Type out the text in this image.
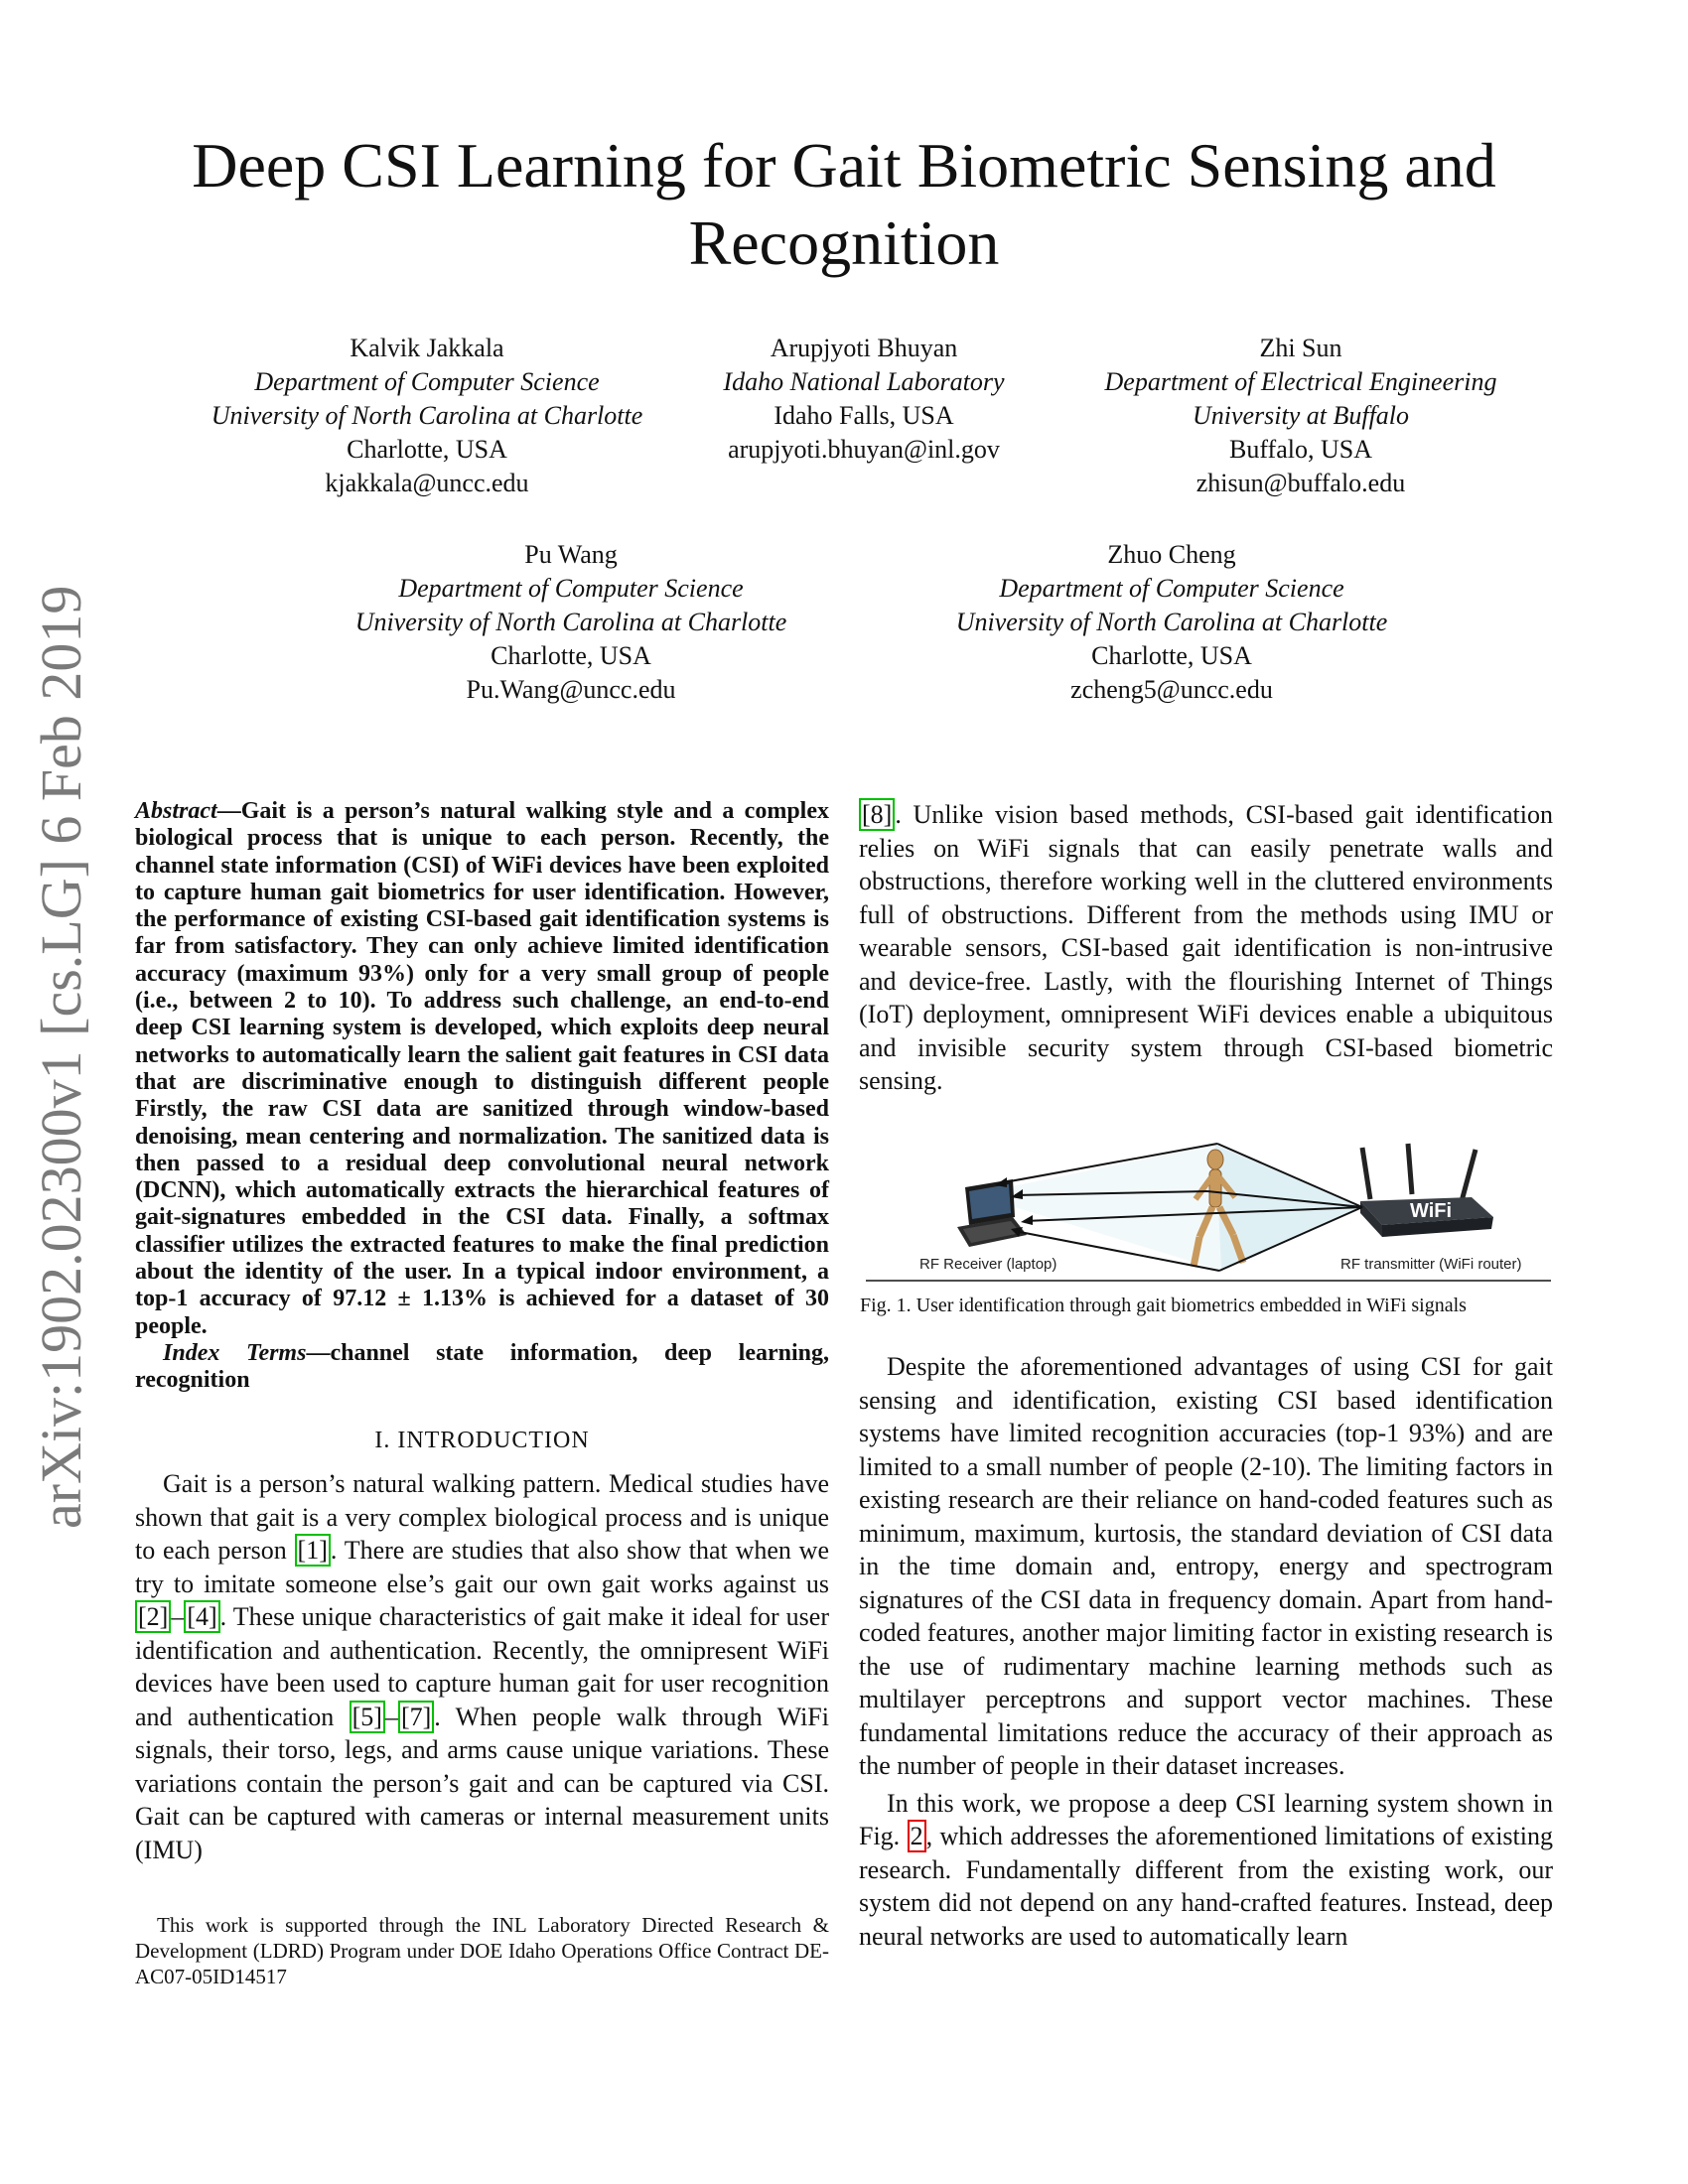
arXiv:1902.02300v1 [cs.LG] 6 Feb 2019
Deep CSI Learning for Gait Biometric Sensing and Recognition
Kalvik Jakkala
Department of Computer Science
University of North Carolina at Charlotte
Charlotte, USA
kjakkala@uncc.edu
Arupjyoti Bhuyan
Idaho National Laboratory
Idaho Falls, USA
arupjyoti.bhuyan@inl.gov
Zhi Sun
Department of Electrical Engineering
University at Buffalo
Buffalo, USA
zhisun@buffalo.edu
Pu Wang
Department of Computer Science
University of North Carolina at Charlotte
Charlotte, USA
Pu.Wang@uncc.edu
Zhuo Cheng
Department of Computer Science
University of North Carolina at Charlotte
Charlotte, USA
zcheng5@uncc.edu
Abstract—Gait is a person’s natural walking style and a complex biological process that is unique to each person. Recently, the channel state information (CSI) of WiFi devices have been exploited to capture human gait biometrics for user identification. However, the performance of existing CSI-based gait identification systems is far from satisfactory. They can only achieve limited identification accuracy (maximum 93%) only for a very small group of people (i.e., between 2 to 10). To address such challenge, an end-to-end deep CSI learning system is developed, which exploits deep neural networks to automatically learn the salient gait features in CSI data that are discriminative enough to distinguish different people Firstly, the raw CSI data are sanitized through window-based denoising, mean centering and normalization. The sanitized data is then passed to a residual deep convolutional neural network (DCNN), which automatically extracts the hierarchical features of gait-signatures embedded in the CSI data. Finally, a softmax classifier utilizes the extracted features to make the final prediction about the identity of the user. In a typical indoor environment, a top-1 accuracy of 97.12 ± 1.13% is achieved for a dataset of 30 people.
Index Terms—channel state information, deep learning, recognition
I. INTRODUCTION

Gait is a person’s natural walking pattern. Medical studies have shown that gait is a very complex biological process and is unique to each person [1] . There are studies that also show that when we try to imitate someone else’s gait our own gait works against us [2] – [4] . These unique characteristics of gait make it ideal for user identification and authentication. Recently, the omnipresent WiFi devices have been used to capture human gait for user recognition and authentication [5] – [7] . When people walk through WiFi signals, their torso, legs, and arms cause unique variations. These variations contain the person’s gait and can be captured via CSI. Gait can be captured with cameras or internal measurement units (IMU)

This work is supported through the INL Laboratory Directed Research & Development (LDRD) Program under DOE Idaho Operations Office Contract DE-AC07-05ID14517

[8] . Unlike vision based methods, CSI-based gait identification relies on WiFi signals that can easily penetrate walls and obstructions, therefore working well in the cluttered environments full of obstructions. Different from the methods using IMU or wearable sensors, CSI-based gait identification is non-intrusive and device-free. Lastly, with the flourishing Internet of Things (IoT) deployment, omnipresent WiFi devices enable a ubiquitous and invisible security system through CSI-based biometric sensing.

WiFi
RF Receiver (laptop)	RF transmitter (WiFi router)
Fig. 1. User identification through gait biometrics embedded in WiFi signals

Despite the aforementioned advantages of using CSI for gait sensing and identification, existing CSI based identification systems have limited recognition accuracies (top-1 93%) and are limited to a small number of people (2-10). The limiting factors in existing research are their reliance on hand-coded features such as minimum, maximum, kurtosis, the standard deviation of CSI data in the time domain and, entropy, energy and spectrogram signatures of the CSI data in frequency domain. Apart from hand-coded features, another major limiting factor in existing research is the use of rudimentary machine learning methods such as multilayer perceptrons and support vector machines. These fundamental limitations reduce the accuracy of their approach as the number of people in their dataset increases.

In this work, we propose a deep CSI learning system shown in Fig. 2 , which addresses the aforementioned limitations of existing research. Fundamentally different from the existing work, our system did not depend on any hand-crafted features. Instead, deep neural networks are used to automatically learn
